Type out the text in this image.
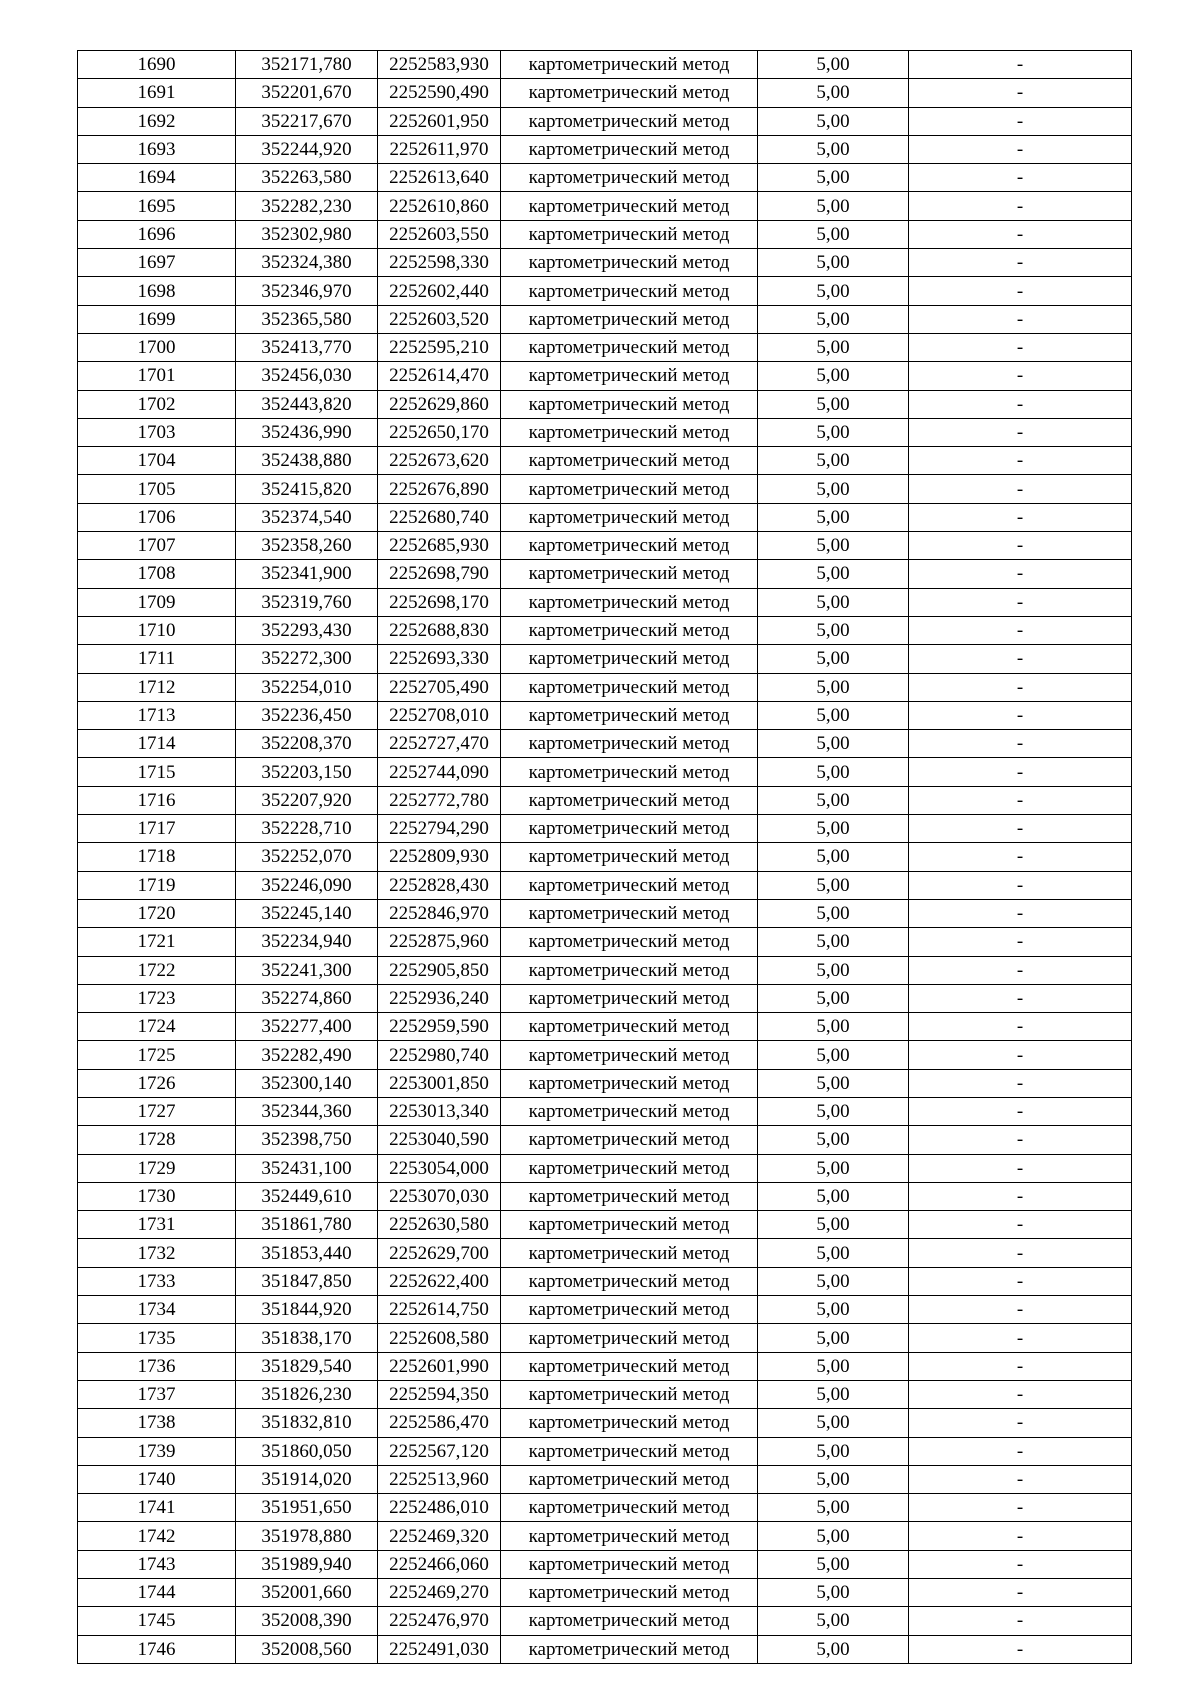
1690	352171,780	2252583,930	картометрический метод	5,00	-
1691	352201,670	2252590,490	картометрический метод	5,00	-
1692	352217,670	2252601,950	картометрический метод	5,00	-
1693	352244,920	2252611,970	картометрический метод	5,00	-
1694	352263,580	2252613,640	картометрический метод	5,00	-
1695	352282,230	2252610,860	картометрический метод	5,00	-
1696	352302,980	2252603,550	картометрический метод	5,00	-
1697	352324,380	2252598,330	картометрический метод	5,00	-
1698	352346,970	2252602,440	картометрический метод	5,00	-
1699	352365,580	2252603,520	картометрический метод	5,00	-
1700	352413,770	2252595,210	картометрический метод	5,00	-
1701	352456,030	2252614,470	картометрический метод	5,00	-
1702	352443,820	2252629,860	картометрический метод	5,00	-
1703	352436,990	2252650,170	картометрический метод	5,00	-
1704	352438,880	2252673,620	картометрический метод	5,00	-
1705	352415,820	2252676,890	картометрический метод	5,00	-
1706	352374,540	2252680,740	картометрический метод	5,00	-
1707	352358,260	2252685,930	картометрический метод	5,00	-
1708	352341,900	2252698,790	картометрический метод	5,00	-
1709	352319,760	2252698,170	картометрический метод	5,00	-
1710	352293,430	2252688,830	картометрический метод	5,00	-
1711	352272,300	2252693,330	картометрический метод	5,00	-
1712	352254,010	2252705,490	картометрический метод	5,00	-
1713	352236,450	2252708,010	картометрический метод	5,00	-
1714	352208,370	2252727,470	картометрический метод	5,00	-
1715	352203,150	2252744,090	картометрический метод	5,00	-
1716	352207,920	2252772,780	картометрический метод	5,00	-
1717	352228,710	2252794,290	картометрический метод	5,00	-
1718	352252,070	2252809,930	картометрический метод	5,00	-
1719	352246,090	2252828,430	картометрический метод	5,00	-
1720	352245,140	2252846,970	картометрический метод	5,00	-
1721	352234,940	2252875,960	картометрический метод	5,00	-
1722	352241,300	2252905,850	картометрический метод	5,00	-
1723	352274,860	2252936,240	картометрический метод	5,00	-
1724	352277,400	2252959,590	картометрический метод	5,00	-
1725	352282,490	2252980,740	картометрический метод	5,00	-
1726	352300,140	2253001,850	картометрический метод	5,00	-
1727	352344,360	2253013,340	картометрический метод	5,00	-
1728	352398,750	2253040,590	картометрический метод	5,00	-
1729	352431,100	2253054,000	картометрический метод	5,00	-
1730	352449,610	2253070,030	картометрический метод	5,00	-
1731	351861,780	2252630,580	картометрический метод	5,00	-
1732	351853,440	2252629,700	картометрический метод	5,00	-
1733	351847,850	2252622,400	картометрический метод	5,00	-
1734	351844,920	2252614,750	картометрический метод	5,00	-
1735	351838,170	2252608,580	картометрический метод	5,00	-
1736	351829,540	2252601,990	картометрический метод	5,00	-
1737	351826,230	2252594,350	картометрический метод	5,00	-
1738	351832,810	2252586,470	картометрический метод	5,00	-
1739	351860,050	2252567,120	картометрический метод	5,00	-
1740	351914,020	2252513,960	картометрический метод	5,00	-
1741	351951,650	2252486,010	картометрический метод	5,00	-
1742	351978,880	2252469,320	картометрический метод	5,00	-
1743	351989,940	2252466,060	картометрический метод	5,00	-
1744	352001,660	2252469,270	картометрический метод	5,00	-
1745	352008,390	2252476,970	картометрический метод	5,00	-
1746	352008,560	2252491,030	картометрический метод	5,00	-
